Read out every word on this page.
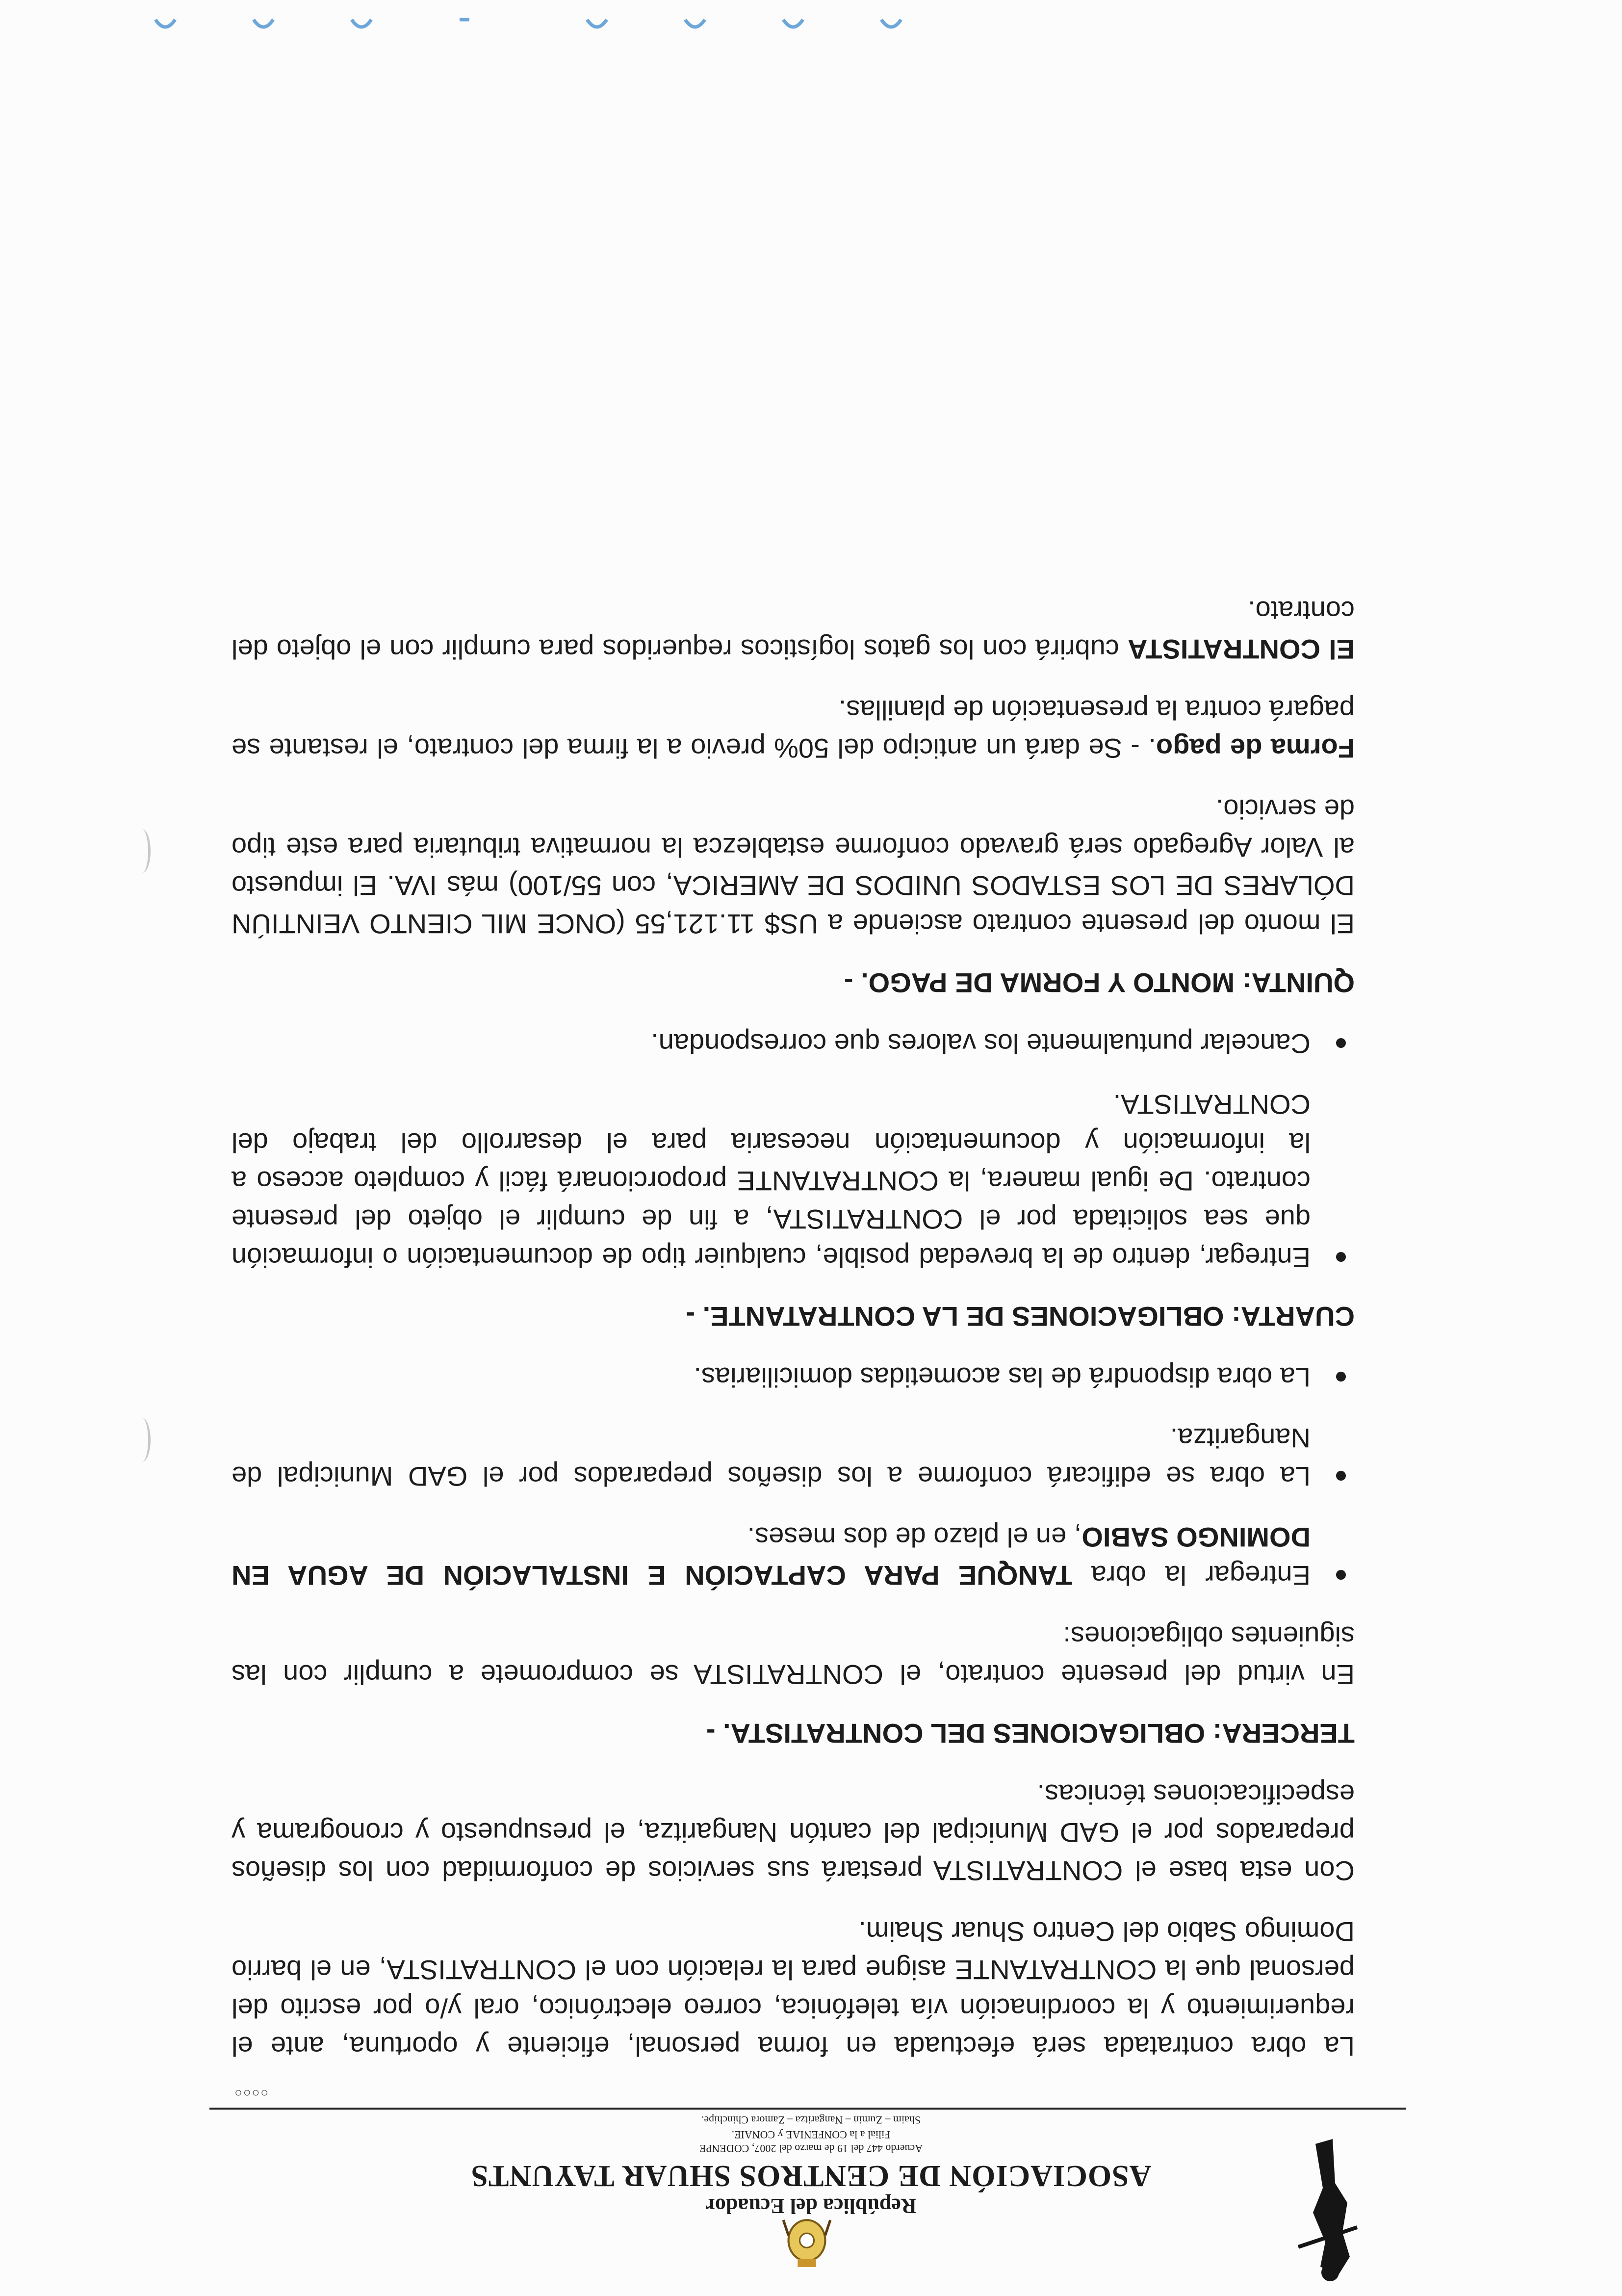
República del Ecuador
ASOCIACIÓN DE CENTROS SHUAR TAYUNTS
Acuerdo 447 del 19 de marzo del 2007, CODENPE
Filial a la CONFENIAE y CONAIE.
Shaim – Zumin – Nangaritza – Zamora Chinchipe.
○○○○

La obra contratada será efectuada en forma personal, eficiente y oportuna, ante el requerimiento y la coordinación vía telefónica, correo electrónico, oral y/o por escrito del personal que la CONTRATANTE asigne para la relación con el CONTRATISTA, en el barrio Domingo Sabio del Centro Shuar Shaim.

Con esta base el CONTRATISTA prestará sus servicios de conformidad con los diseños preparados por el GAD Municipal del cantón Nangaritza, el presupuesto y cronograma y especificaciones técnicas.

TERCERA: OBLIGACIONES DEL CONTRATISTA. -

En virtud del presente contrato, el CONTRATISTA se compromete a cumplir con las siguientes obligaciones:

Entregar la obra TANQUE PARA CAPTACIÓN E INSTALACIÓN DE AGUA EN DOMINGO SABIO, en el plazo de dos meses.
La obra se edificará conforme a los diseños preparados por el GAD Municipal de Nangaritza.
La obra dispondrá de las acometidas domiciliarias.
CUARTA: OBLIGACIONES DE LA CONTRATANTE. -
Entregar, dentro de la brevedad posible, cualquier tipo de documentación o información que sea solicitada por el CONTRATISTA, a fin de cumplir el objeto del presente contrato. De igual manera, la CONTRATANTE proporcionará fácil y completo acceso a la información y documentación necesaria para el desarrollo del trabajo del CONTRATISTA.
Cancelar puntualmente los valores que correspondan.
QUINTA: MONTO Y FORMA DE PAGO. -

El monto del presente contrato asciende a US$ 11.121,55 (ONCE MIL CIENTO VEINTIÚN DÓLARES DE LOS ESTADOS UNIDOS DE AMERICA, con 55/100) más IVA. El impuesto al Valor Agregado será gravado conforme establezca la normativa tributaria para este tipo de servicio.

Forma de pago. - Se dará un anticipo del 50% previo a la firma del contrato, el restante se pagará contra la presentación de planillas.

El CONTRATISTA cubrirá con los gatos logísticos requeridos para cumplir con el objeto del contrato.
